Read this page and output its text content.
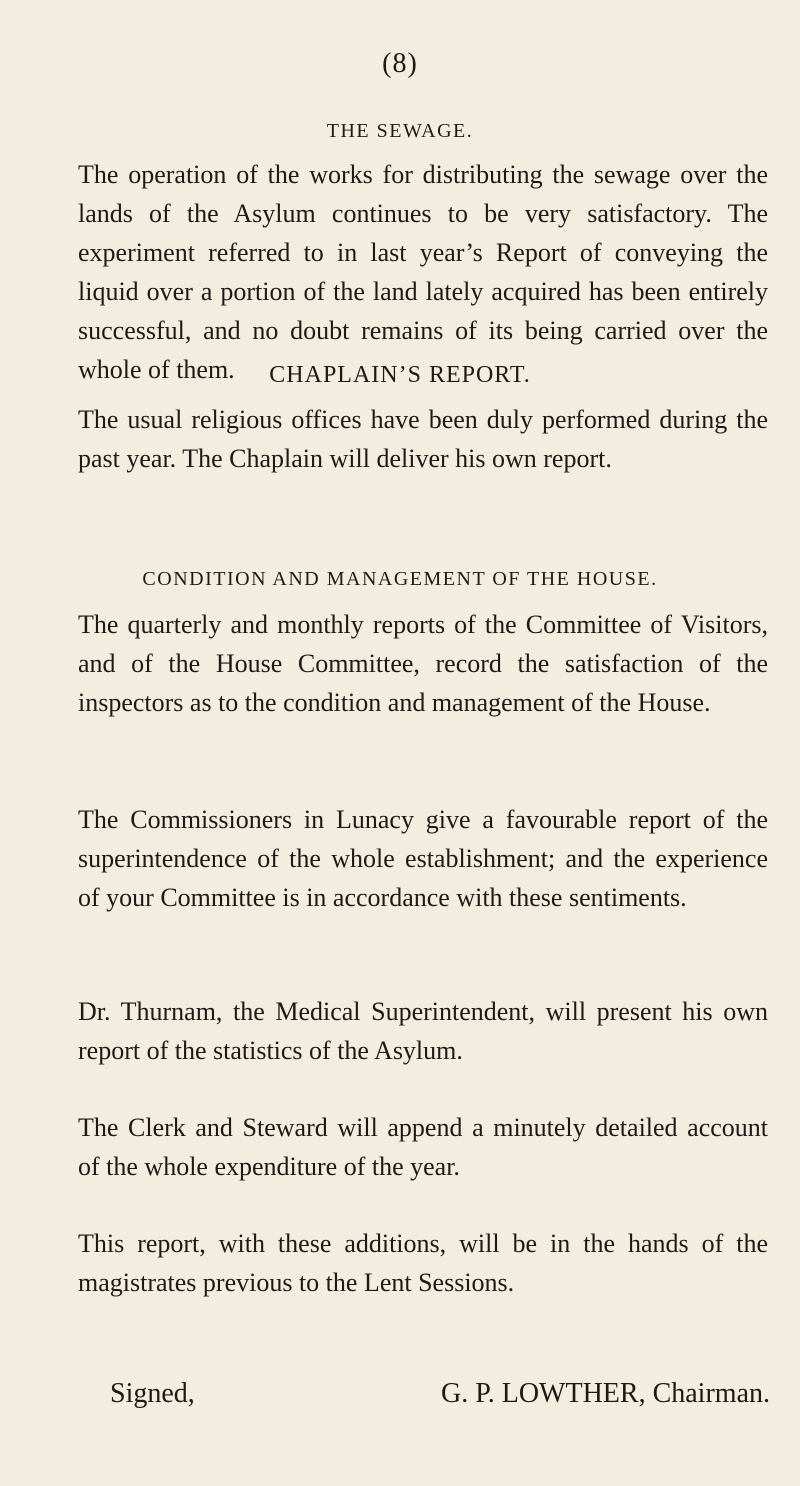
(8)
THE SEWAGE.

The operation of the works for distributing the sewage over the lands of the Asylum continues to be very satisfactory. The experiment referred to in last year’s Report of conveying the liquid over a portion of the land lately acquired has been entirely successful, and no doubt remains of its being carried over the whole of them.	CHAPLAIN’S REPORT.

The usual religious offices have been duly performed during the past year. The Chaplain will deliver his own report.

CONDITION AND MANAGEMENT OF THE HOUSE.

The quarterly and monthly reports of the Committee of Visitors, and of the House Committee, record the satisfaction of the inspectors as to the condition and management of the House.

The Commissioners in Lunacy give a favourable report of the superintendence of the whole establishment; and the experience of your Committee is in accordance with these sentiments.

Dr. Thurnam, the Medical Superintendent, will present his own report of the statistics of the Asylum.

The Clerk and Steward will append a minutely detailed account of the whole expenditure of the year.

This report, with these additions, will be in the hands of the magistrates previous to the Lent Sessions.

Signed,	G. P. LOWTHER, Chairman.
